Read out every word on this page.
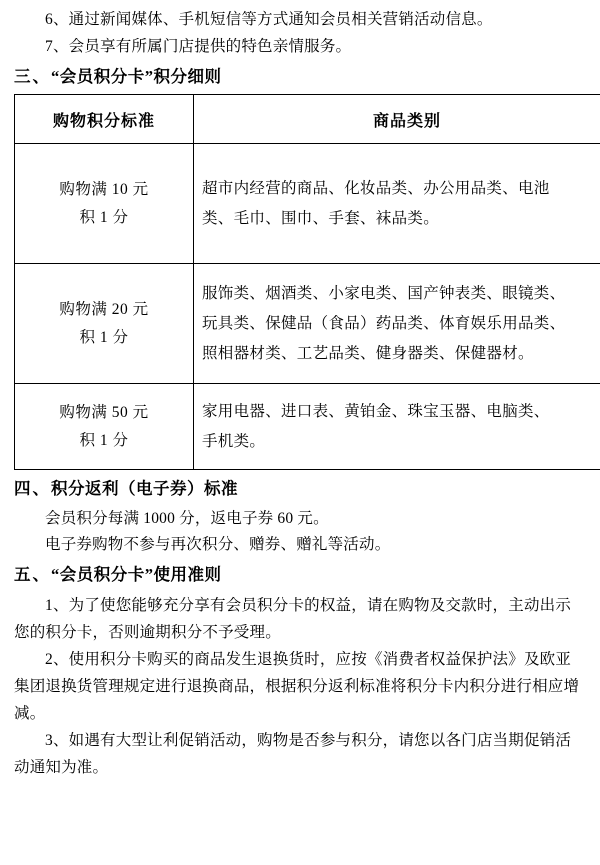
6、通过新闻媒体、手机短信等方式通知会员相关营销活动信息。

7、会员享有所属门店提供的特色亲情服务。

三、“会员积分卡”积分细则
购物积分标准	商品类别

购物满 10 元
积 1 分	超市内经营的商品、化妆品类、办公用品类、电池
类、毛巾、围巾、手套、袜品类。

购物满 20 元
积 1 分	服饰类、烟酒类、小家电类、国产钟表类、眼镜类、
玩具类、保健品（食品）药品类、体育娱乐用品类、
照相器材类、工艺品类、健身器类、保健器材。

购物满 50 元
积 1 分	家用电器、进口表、黄铂金、珠宝玉器、电脑类、
手机类。
四、积分返利（电子券）标准

会员积分每满 1000 分，返电子券 60 元。

电子券购物不参与再次积分、赠券、赠礼等活动。

五、“会员积分卡”使用准则

1、为了使您能够充分享有会员积分卡的权益，请在购物及交款时，主动出示您的积分卡，否则逾期积分不予受理。

2、使用积分卡购买的商品发生退换货时，应按《消费者权益保护法》及欧亚集团退换货管理规定进行退换商品，根据积分返利标准将积分卡内积分进行相应增减。

3、如遇有大型让利促销活动，购物是否参与积分，请您以各门店当期促销活动通知为准。
